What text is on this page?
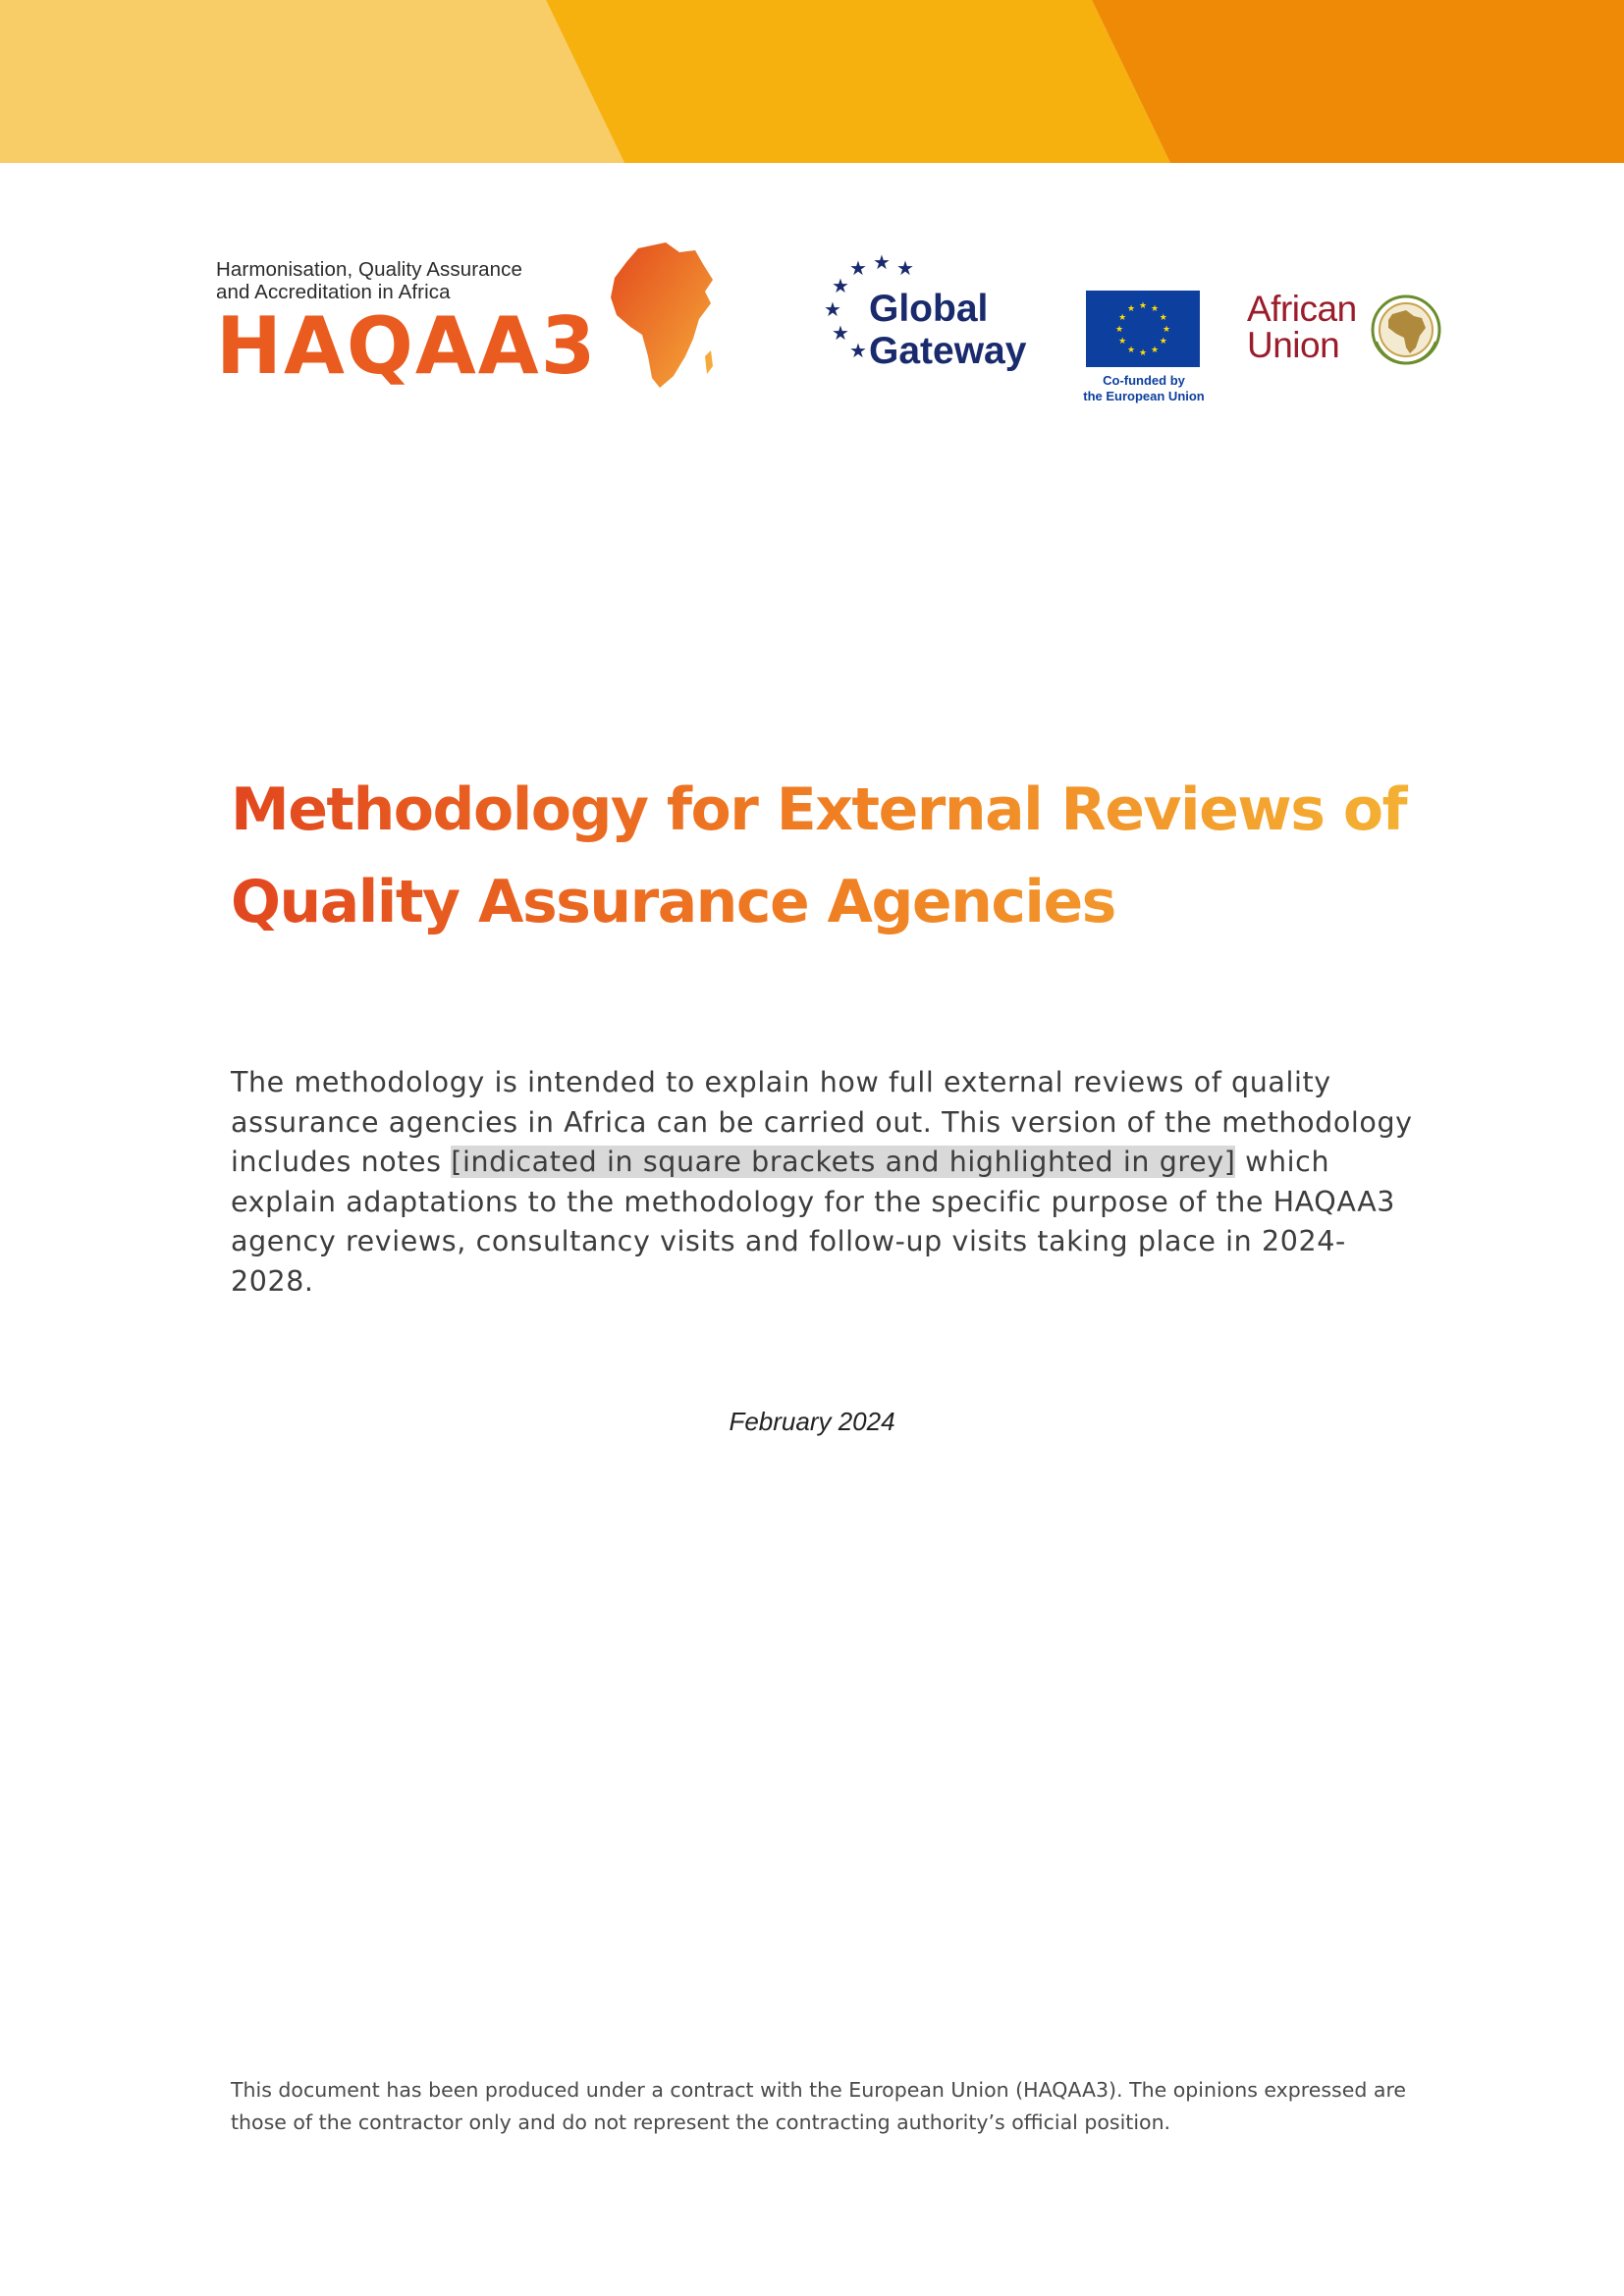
Harmonisation, Quality Assurance
and Accreditation in Africa
HAQAA3
★ ★ ★
★
★
★
★
Global
Gateway
★ ★
★
★
★
★
★
★
★
★
★
★
Co-funded by
the European Union
African
Union
Methodology for External Reviews of
Quality Assurance Agencies

The methodology is intended to explain how full external reviews of quality assurance agencies in Africa can be carried out. This version of the methodology includes notes [indicated in square brackets and highlighted in grey] which explain adaptations to the methodology for the specific purpose of the HAQAA3 agency reviews, consultancy visits and follow-up visits taking place in 2024-2028.

February 2024

This document has been produced under a contract with the European Union (HAQAA3). The opinions expressed are those of the contractor only and do not represent the contracting authority’s official position.
